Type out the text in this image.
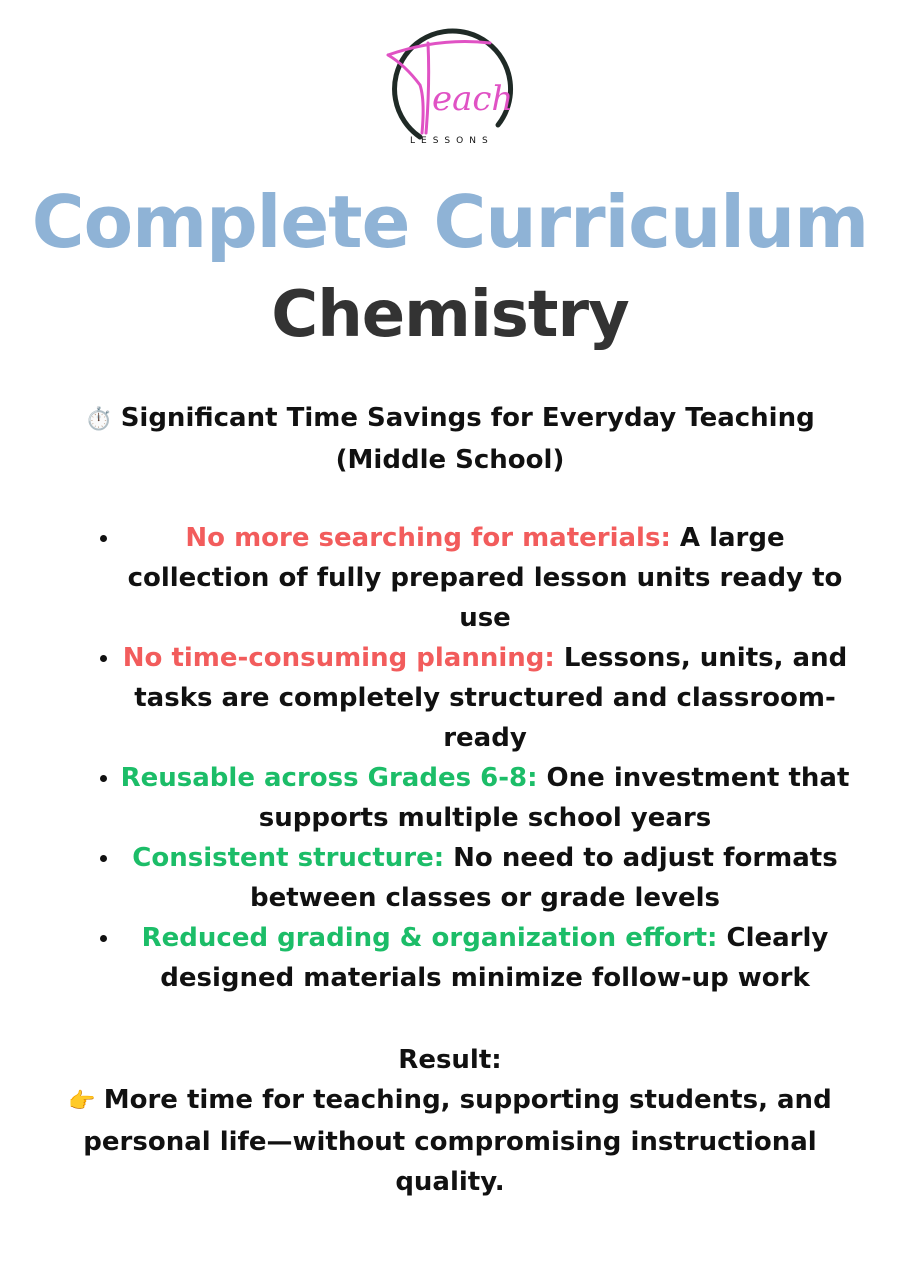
each
LESSONS
Complete Curriculum
Chemistry
⏱️ Significant Time Savings for Everyday Teaching (Middle School)
No more searching for materials: A large collection of fully prepared lesson units ready to use
No time-consuming planning: Lessons, units, and tasks are completely structured and classroom-ready
Reusable across Grades 6-8: One investment that supports multiple school years
Consistent structure: No need to adjust formats between classes or grade levels
Reduced grading & organization effort: Clearly designed materials minimize follow-up work
Result:
👉 More time for teaching, supporting students, and personal life—without compromising instructional quality.
